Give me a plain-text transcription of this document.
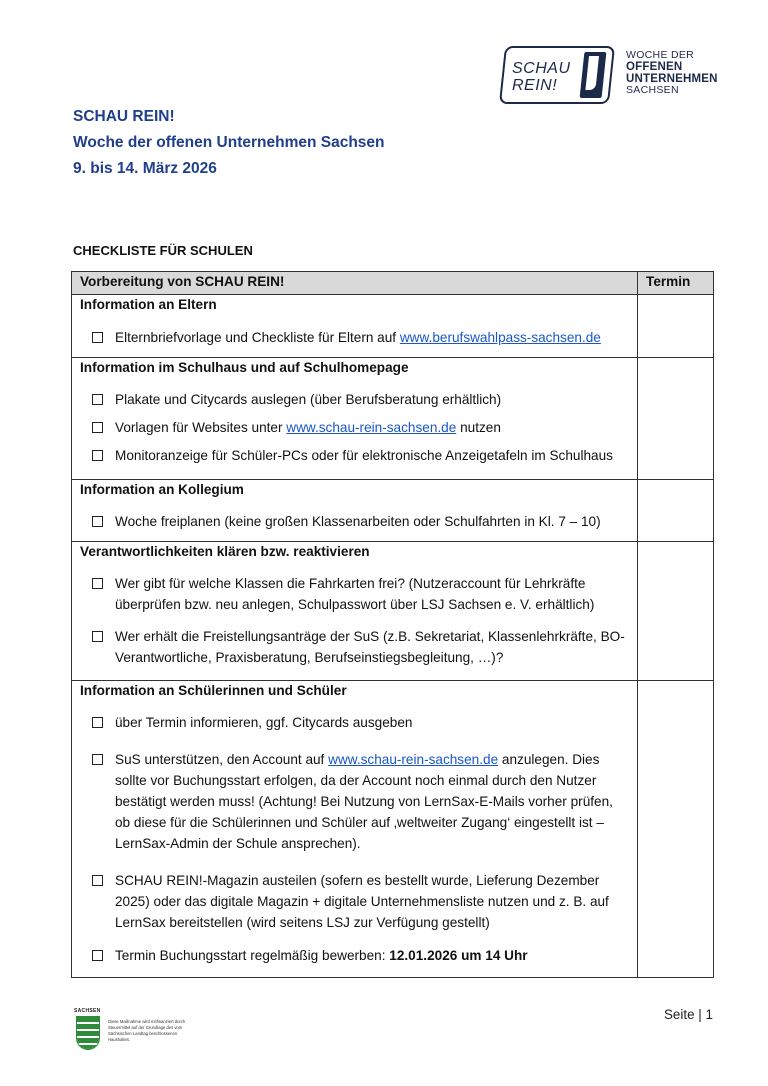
SCHAU
REIN!
WOCHE DER
OFFENEN
UNTERNEHMEN
SACHSEN
SCHAU REIN!
Woche der offenen Unternehmen Sachsen
9. bis 14. März 2026
CHECKLISTE FÜR SCHULEN
Vorbereitung von SCHAU REIN!	Termin

Information an Eltern
Elternbriefvorlage und Checkliste für Eltern auf www.berufswahlpass-sachsen.de	

Information im Schulhaus und auf Schulhomepage
Plakate und Citycards auslegen (über Berufsberatung erhältlich)
Vorlagen für Websites unter www.schau-rein-sachsen.de nutzen
Monitoranzeige für Schüler-PCs oder für elektronische Anzeigetafeln im Schulhaus	

Information an Kollegium
Woche freiplanen (keine großen Klassenarbeiten oder Schulfahrten in Kl. 7 – 10)	

Verantwortlichkeiten klären bzw. reaktivieren
Wer gibt für welche Klassen die Fahrkarten frei? (Nutzeraccount für Lehrkräfte überprüfen bzw. neu anlegen, Schulpasswort über LSJ Sachsen e. V. erhältlich)
Wer erhält die Freistellungsanträge der SuS (z.B. Sekretariat, Klassenlehrkräfte, BO-Verantwortliche, Praxisberatung, Berufseinstiegsbegleitung, …)?	

Information an Schülerinnen und Schüler
über Termin informieren, ggf. Citycards ausgeben
SuS unterstützen, den Account auf www.schau-rein-sachsen.de anzulegen. Dies sollte vor Buchungsstart erfolgen, da der Account noch einmal durch den Nutzer bestätigt werden muss! (Achtung! Bei Nutzung von LernSax-E-Mails vorher prüfen, ob diese für die Schülerinnen und Schüler auf ‚weltweiter Zugang‘ eingestellt ist – LernSax-Admin der Schule ansprechen).
SCHAU REIN!-Magazin austeilen (sofern es bestellt wurde, Lieferung Dezember 2025) oder das digitale Magazin + digitale Unternehmensliste nutzen und z. B. auf LernSax bereitstellen (wird seitens LSJ zur Verfügung gestellt)
Termin Buchungsstart regelmäßig bewerben: 12.01.2026 um 14 Uhr	

SACHSEN
Diese Maßnahme wird mitfinanziert durch Steuermittel auf der Grundlage des vom Sächsischen Landtag beschlossenen Haushaltes.
Seite | 1
